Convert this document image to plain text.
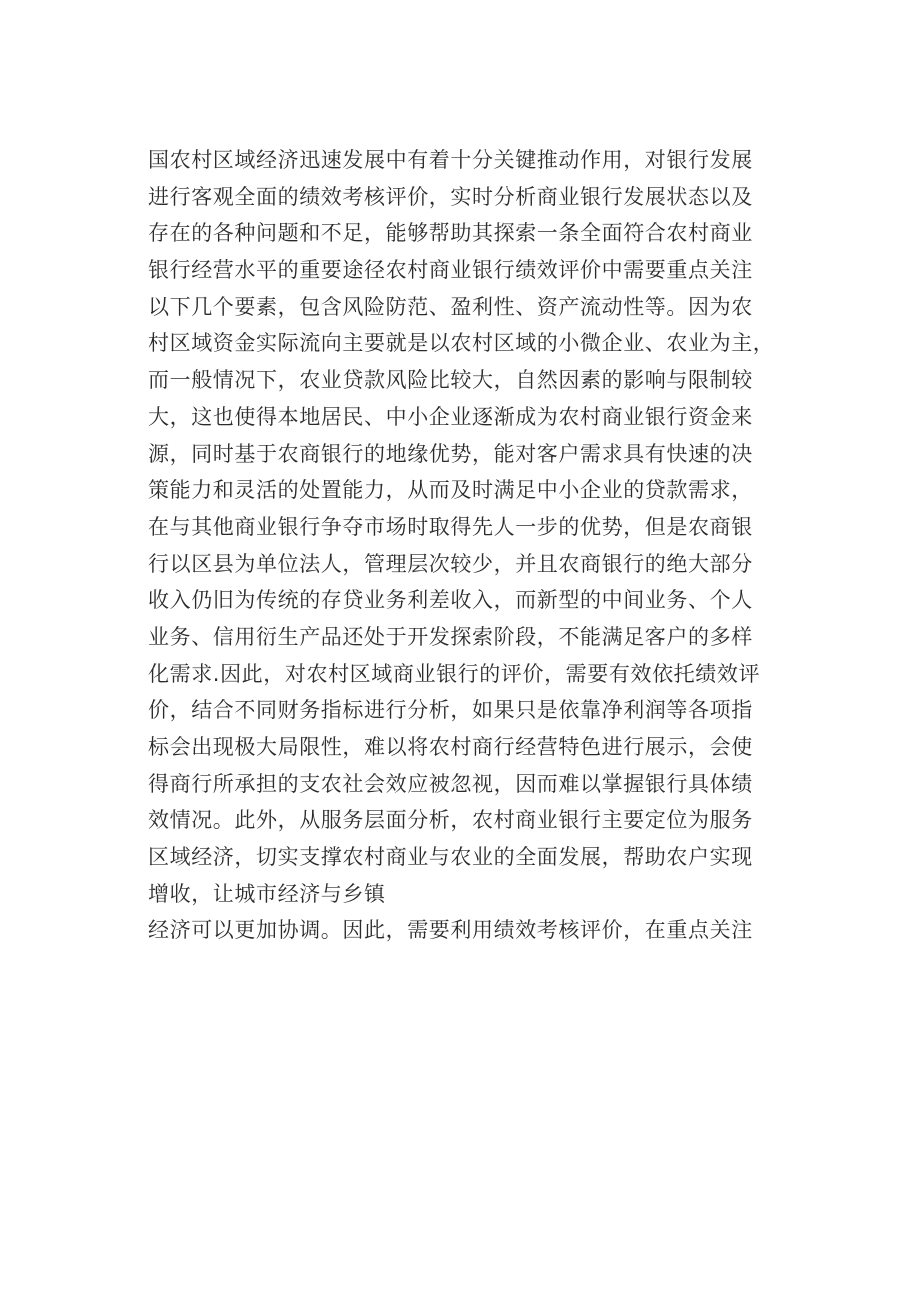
国农村区域经济迅速发展中有着十分关键推动作用，对银行发展
进行客观全面的绩效考核评价，实时分析商业银行发展状态以及
存在的各种问题和不足，能够帮助其探索一条全面符合农村商业
银行经营水平的重要途径农村商业银行绩效评价中需要重点关注
以下几个要素，包含风险防范、盈利性、资产流动性等。因为农
村区域资金实际流向主要就是以农村区域的小微企业、农业为主，
而一般情况下，农业贷款风险比较大，自然因素的影响与限制较
大，这也使得本地居民、中小企业逐渐成为农村商业银行资金来
源，同时基于农商银行的地缘优势，能对客户需求具有快速的决
策能力和灵活的处置能力，从而及时满足中小企业的贷款需求，
在与其他商业银行争夺市场时取得先人一步的优势，但是农商银
行以区县为单位法人，管理层次较少，并且农商银行的绝大部分
收入仍旧为传统的存贷业务利差收入，而新型的中间业务、个人
业务、信用衍生产品还处于开发探索阶段，不能满足客户的多样
化需求.因此，对农村区域商业银行的评价，需要有效依托绩效评
价，结合不同财务指标进行分析，如果只是依靠净利润等各项指
标会出现极大局限性，难以将农村商行经营特色进行展示，会使
得商行所承担的支农社会效应被忽视，因而难以掌握银行具体绩
效情况。此外，从服务层面分析，农村商业银行主要定位为服务
区域经济，切实支撑农村商业与农业的全面发展，帮助农户实现
增收，让城市经济与乡镇
经济可以更加协调。因此，需要利用绩效考核评价，在重点关注
